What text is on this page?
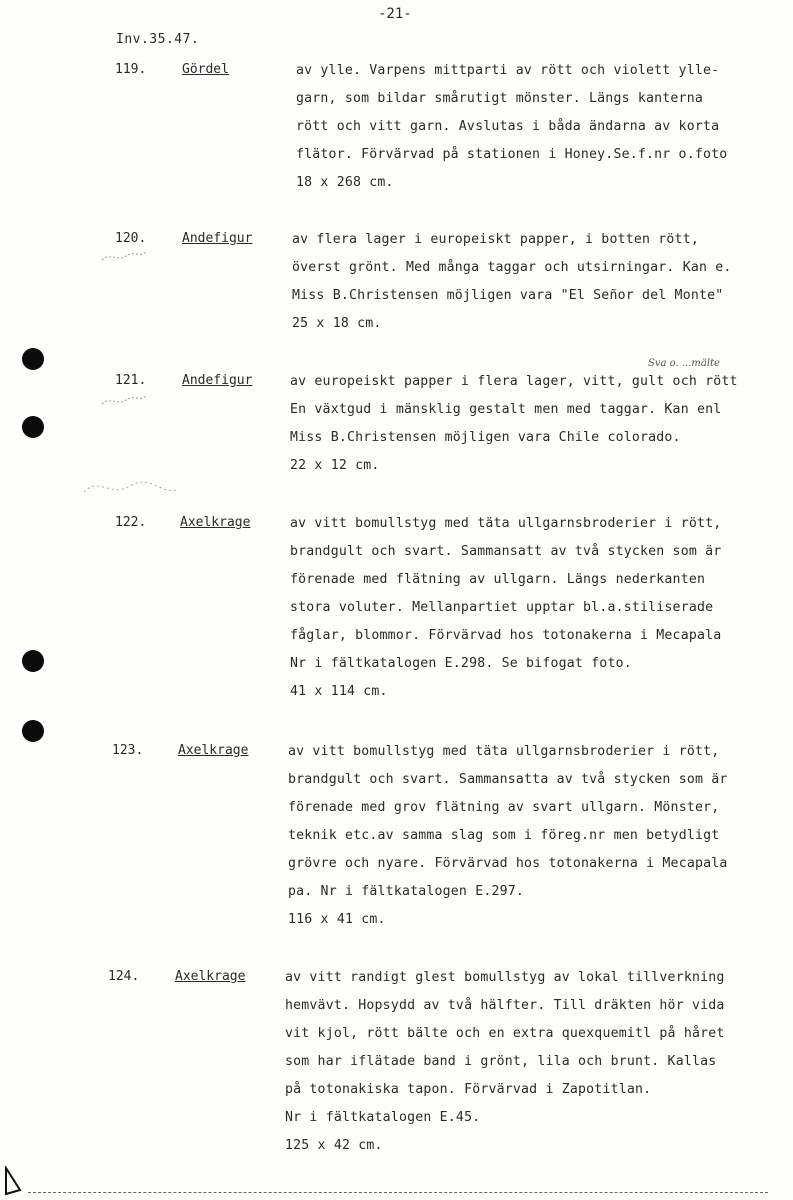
-21-
Inv.35.47.
Sva o. ...mälte
119.	Gördel	av ylle. Varpens mittparti av rött och violett ylle-
garn, som bildar smårutigt mönster. Längs kanterna
rött och vitt garn. Avslutas i båda ändarna av korta
flätor. Förvärvad på stationen i Honey.Se.f.nr o.foto
18 x 268 cm.
120.	Andefigur	av flera lager i europeiskt papper, i botten rött,
överst grönt. Med många taggar och utsirningar. Kan e.
Miss B.Christensen möjligen vara "El Señor del Monte"
25 x 18 cm.
121.	Andefigur	av europeiskt papper i flera lager, vitt, gult och rött
En växtgud i mänsklig gestalt men med taggar. Kan enl
Miss B.Christensen möjligen vara Chile colorado.
22 x 12 cm.
122.	Axelkrage	av vitt bomullstyg med täta ullgarnsbroderier i rött,
brandgult och svart. Sammansatt av två stycken som är
förenade med flätning av ullgarn. Längs nederkanten
stora voluter. Mellanpartiet upptar bl.a.stiliserade
fåglar, blommor. Förvärvad hos totonakerna i Mecapala
Nr i fältkatalogen E.298. Se bifogat foto.
41 x 114 cm.
123.	Axelkrage	av vitt bomullstyg med täta ullgarnsbroderier i rött,
brandgult och svart. Sammansatta av två stycken som är
förenade med grov flätning av svart ullgarn. Mönster,
teknik etc.av samma slag som i föreg.nr men betydligt
grövre och nyare. Förvärvad hos totonakerna i Mecapala
pa. Nr i fältkatalogen E.297.
116 x 41 cm.
124.	Axelkrage	av vitt randigt glest bomullstyg av lokal tillverkning
hemvävt. Hopsydd av två hälfter. Till dräkten hör vida
vit kjol, rött bälte och en extra quexquemitl på håret
som har iflätade band i grönt, lila och brunt. Kallas
på totonakiska tapon. Förvärvad i Zapotitlan.
Nr i fältkatalogen E.45.
125 x 42 cm.
